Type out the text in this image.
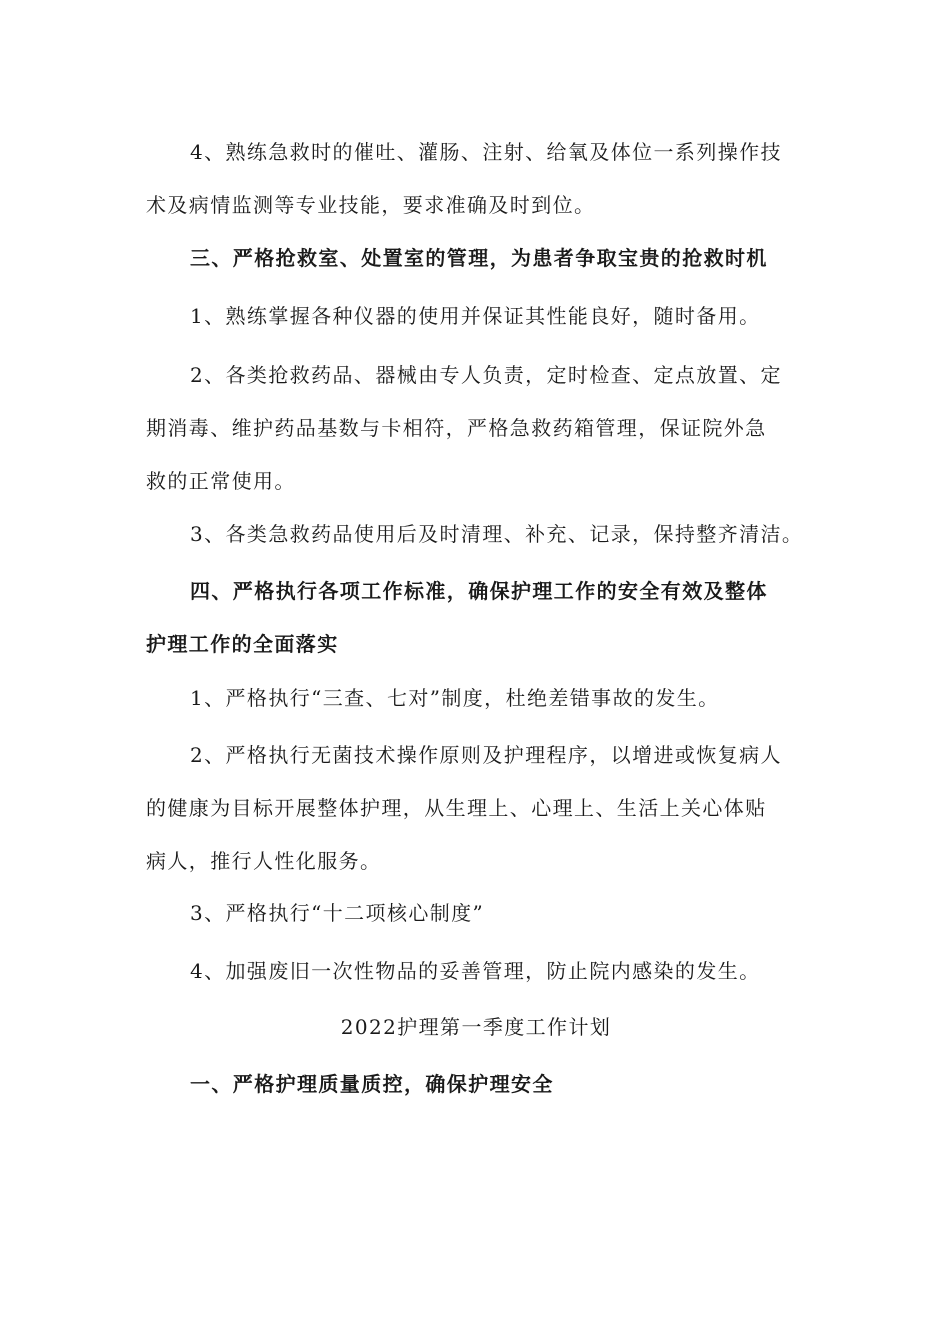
4、熟练急救时的催吐、灌肠、注射、给氧及体位一系列操作技
术及病情监测等专业技能，要求准确及时到位。
三、严格抢救室、处置室的管理，为患者争取宝贵的抢救时机
1、熟练掌握各种仪器的使用并保证其性能良好，随时备用。
2、各类抢救药品、器械由专人负责，定时检查、定点放置、定
期消毒、维护药品基数与卡相符，严格急救药箱管理，保证院外急
救的正常使用。
3、各类急救药品使用后及时清理、补充、记录，保持整齐清洁。
四、严格执行各项工作标准，确保护理工作的安全有效及整体
护理工作的全面落实
1、严格执行“三查、七对”制度，杜绝差错事故的发生。
2、严格执行无菌技术操作原则及护理程序，以增进或恢复病人
的健康为目标开展整体护理，从生理上、心理上、生活上关心体贴
病人，推行人性化服务。
3、严格执行“十二项核心制度”
4、加强废旧一次性物品的妥善管理，防止院内感染的发生。
2022护理第一季度工作计划
一、严格护理质量质控，确保护理安全
